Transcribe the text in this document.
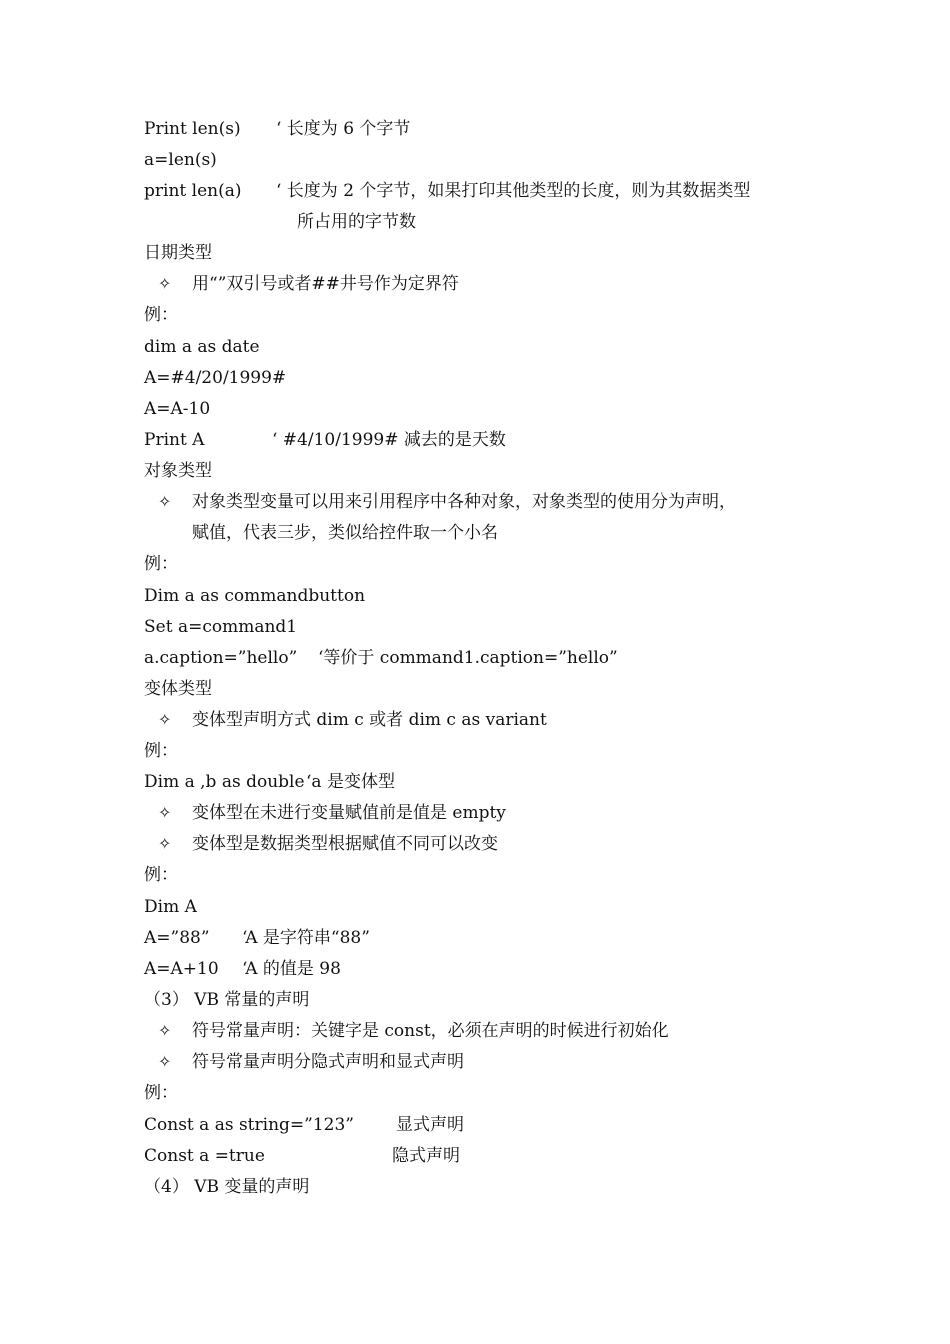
Print len(s) ‘ 长度为 6 个字节
a=len(s)
print len(a) ‘ 长度为 2 个字节，如果打印其他类型的长度，则为其数据类型
所占用的字节数
日期类型
✧ 用“”双引号或者##井号作为定界符
例：
dim a as date
A=#4/20/1999#
A=A-10
Print A	‘ #4/10/1999# 减去的是天数
对象类型
✧ 对象类型变量可以用来引用程序中各种对象，对象类型的使用分为声明，
赋值，代表三步，类似给控件取一个小名
例：
Dim a as commandbutton
Set a=command1
a.caption=”hello” ‘等价于 command1.caption=”hello”
变体类型
✧ 变体型声明方式 dim c 或者 dim c as variant
例：
Dim a ,b as double ‘a 是变体型
✧ 变体型在未进行变量赋值前是值是 empty
✧ 变体型是数据类型根据赋值不同可以改变
例：
Dim A
A=”88” ‘A 是字符串“88”
A=A+10 ‘A 的值是 98
（3） VB 常量的声明
✧ 符号常量声明：关键字是 const，必须在声明的时候进行初始化
✧ 符号常量声明分隐式声明和显式声明
例：
Const a as string=”123” 显式声明
Const a =true	隐式声明
（4） VB 变量的声明
